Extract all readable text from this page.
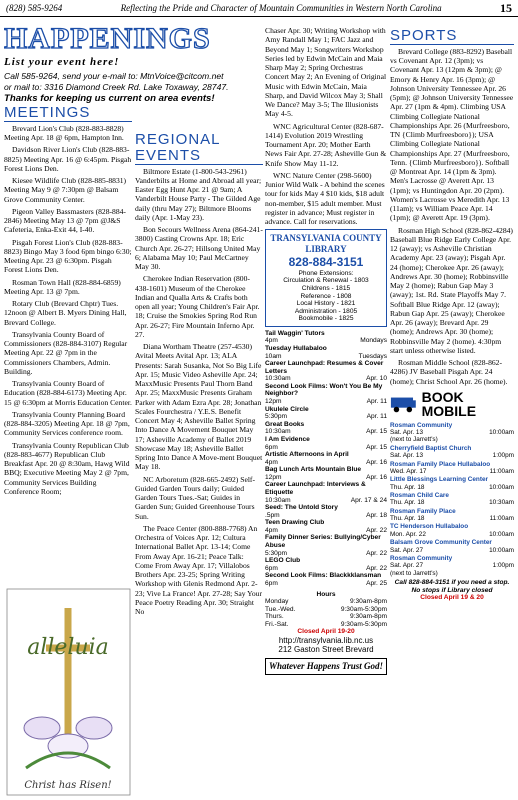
(828) 585-9264	Reflecting the Pride and Character of Mountain Communities in Western North Carolina	15
HAPPENINGS
List your event here!
Call 585-9264, send your e-mail to: MtnVoice@citcom.net
or mail to: 3316 Diamond Creek Rd. Lake Toxaway, 28747.
Thanks for keeping us current on area events!
MEETINGS
Brevard Lion's Club (828-883-8828) Meeting Apr. 18 @ 6pm, Hampton Inn.
Davidson River Lion's Club (828-883-8825) Meeting Apr. 16 @ 6:45pm. Pisgah Forest Lions Den.
Kiesee Wildlife Club (828-885-8831) Meeting May 9 @ 7:30pm @ Balsam Grove Community Center.
Pigeon Valley Bassmasters (828-884-2846) Meeting May 13 @ 7pm @J&S Cafeteria, Enka-Exit 44, I-40.
Pisgah Forest Lion's Club (828-883-8823) Bingo May 3 food 6pm bingo 6:30; Meeting Apr. 23 @ 6:30pm. Pisgah Forest Lions Den.
Rosman Town Hall (828-884-6859) Meeting Apr. 13 @ 7pm.
Rotary Club (Brevard Chptr) Tues. 12noon @ Albert B. Myers Dining Hall, Brevard College.
Transylvania County Board of Commissioners (828-884-3107) Regular Meeting Apr. 22 @ 7pm in the Commissioners Chambers, Admin. Building.
Transylvania County Board of Education (828-884-6173) Meeting Apr. 15 @ 6:30pm at Morris Education Center.
Transylvania County Planning Board (828-884-3205) Meeting Apr. 18 @ 7pm, Community Services conference room.
Transylvania County Republican Club (828-883-4677) Republican Club Breakfast Apr. 20 @ 8:30am, Hawg Wild BBQ; Executive Meeting May 2 @ 7pm, Community Services Building Conference Room;
alleluia
Christ has Risen!
REGIONAL EVENTS
Biltmore Estate (1-800-543-2961) Vanderbilts at Home and Abroad all year; Easter Egg Hunt Apr. 21 @ 9am; A Vanderbilt House Party - The Gilded Age daily (thru May 27); Biltmore Blooms daily (Apr. 1-May 23).
Bon Secours Wellness Arena (864-241-3800) Casting Crowns Apr. 18; Eric Church Apr. 26-27; Hillsong United May 6; Alabama May 10; Paul McCartney May 30.
Cherokee Indian Reservation (800-438-1601) Museum of the Cherokee Indian and Qualla Arts & Crafts both open all year; Young Children's Fair Apr. 18; Cruise the Smokies Spring Rod Run Apr. 26-27; Fire Mountain Inferno Apr. 27.
Diana Wortham Theatre (257-4530) Avital Meets Avital Apr. 13; ALA Presents: Sarah Susanka, Not So Big Life Apr. 15; Music Video Asheville Apr. 24; MaxxMusic Presents Paul Thorn Band Apr. 25; MaxxMusic Presents Graham Parker with Adam Ezra Apr. 28; Jonathan Scales Fourchestra / Y.E.S. Benefit Concert May 4; Asheville Ballet Spring Into Dance A Movement Bouquet May 17; Asheville Academy of Ballet 2019 Showcase May 18; Asheville Ballet Spring Into Dance A Move-ment Bouquet May 18.
NC Arboretum (828-665-2492) Self-Guided Garden Tours daily; Guided Garden Tours Tues.-Sat; Guides in Garden Sun; Guided Greenhouse Tours Sun.
The Peace Center (800-888-7768) An Orchestra of Voices Apr. 12; Cultura International Ballet Apr. 13-14; Come From Away Apr. 16-21; Peace Talk: Come From Away Apr. 17; Villalobos Brothers Apr. 23-25; Spring Writing Workshop with Glenis Redmond Apr. 2-23; Vive La France! Apr. 27-28; Say Your Peace Poetry Reading Apr. 30; Straight No
Chaser Apr. 30; Writing Workshop with Amy Randall May 1; FAC Jazz and Beyond May 1; Songwriters Workshop Series led by Edwin McCain and Maia Sharp May 2; Spring Orchestras Concert May 2; An Evening of Original Music with Edwin McCain, Maia Sharp, and David Wilcox May 3; Shall We Dance? May 3-5; The Illusionists May 4-5.
WNC Agricultural Center (828-687-1414) Evolution 2019 Wrestling Tournament Apr. 20; Mother Earth News Fair Apr. 27-28; Asheville Gun & Knife Show May 11-12.
WNC Nature Center (298-5600) Junior Wild Walk - A behind the scenes tour for kids May 4 $10 kids, $18 adult non-member, $15 adult member. Must register in advance; Must register in advance. Call for reservations.
TRANSYLVANIA COUNTY LIBRARY
828-884-3151
Phone Extensions:
Circulation & Renewal - 1803
Childrens - 1815
Reference - 1808
Local History - 1821
Administration - 1805
Bookmobile - 1825
Tail Waggin' Tutors
4pm	Mondays
Tuesday Hullabaloo
10am	Tuesdays
Career Launchpad: Resumes & Cover Letters
10:30am	Apr. 10
Second Look Films: Won't You Be My Neighbor?
12pm	Apr. 11
Ukulele Circle
5:30pm	Apr. 11
Great Books
10:30am	Apr. 15
I Am Evidence
6pm	Apr. 15
Artistic Afternoons in April
4pm	Apr. 16
Bag Lunch Arts Mountain Blue
12pm	Apr. 16
Career Launchpad: Interviews & Etiquette
10:30am	Apr. 17 & 24
Seed: The Untold Story
.5pm	Apr. 18
Teen Drawing Club
4pm	Apr. 22
Family Dinner Series: Bullying/Cyber Abuse
5:30pm	Apr. 22
LEGO Club
6pm	Apr. 22
Second Look Films: Blackkklansman
6pm	Apr. 25
Hours
Monday	9:30am-8pm
Tue.-Wed.	9:30am-5:30pm
Thurs.	9:30am-8pm
Fri.-Sat.	9:30am-5:30pm
Closed April 19-20
http://transylvania.lib.nc.us
212 Gaston Street Brevard
Whatever Happens Trust God!
SPORTS
Brevard College (883-8292) Baseball vs Covenant Apr. 12 (3pm); vs Covenant Apr. 13 (12pm & 3pm); @ Emory & Henry Apr. 16 (3pm); @ Johnson University Tennessee Apr. 26 (5pm); @ Johnson University Tennessee Apr. 27 (1pm & 4pm). Climbing USA Climbing Collegiate National Championships Apr. 26 (Murfreesboro, TN {Climb Murfreesboro}); USA Climbing Collegiate National Championships Apr. 27 (Murfreesboro, Tenn. {Climb Murfreesboro}). Softball @ Montreat Apr. 14 (1pm & 3pm). Men's Lacrosse @ Averett Apr. 13 (1pm); vs Huntingdon Apr. 20 (2pm). Women's Lacrosse vs Meredith Apr. 13 (11am); vs William Peace Apr. 14 (1pm); @ Averett Apr. 19 (3pm).
Rosman High School (828-862-4284) Baseball Blue Ridge Early College Apr. 12 (away); vs Asheville Christian Academy Apr. 23 (away); Pisgah Apr. 24 (home); Cherokee Apr. 26 (away); Andrews Apr. 30 (home); Robbinsville May 2 (home); Rabun Gap May 3 (away); 1st. Rd. State Playoffs May 7. Softball Blue Ridge Apr. 12 (away); Rabun Gap Apr. 25 (away); Cherokee Apr. 26 (away); Brevard Apr. 29 (home); Andrews Apr. 30 (home); Robbinsville May 2 (home). 4:30pm start unless otherwise listed.
Rosman Middle School (828-862-4286) JV Baseball Pisgah Apr. 24 (home); Christ School Apr. 26 (home).
BOOK MOBILE
Rosman Community
Sat. Apr. 13	10:00am
(next to Jarrett's)
Cherryfield Baptist Church
Sat. Apr. 13	1:00pm
Rosman Family Place Hullabaloo
Wed. Apr. 17	11:00am
Little Blessings Learning Center
Thu. Apr. 18	10:00am
Rosman Child Care
Thu. Apr. 18	10:30am
Rosman Family Place
Thu. Apr. 18	11:00am
TC Henderson Hullabaloo
Mon. Apr. 22	10:00am
Balsam Grove Community Center
Sat. Apr. 27	10:00am
Rosman Community
Sat. Apr. 27	1:00pm
(next to Jarrett's)
Call 828-884-3151 if you need a stop. No stops if Library closed
Closed April 19 & 20
